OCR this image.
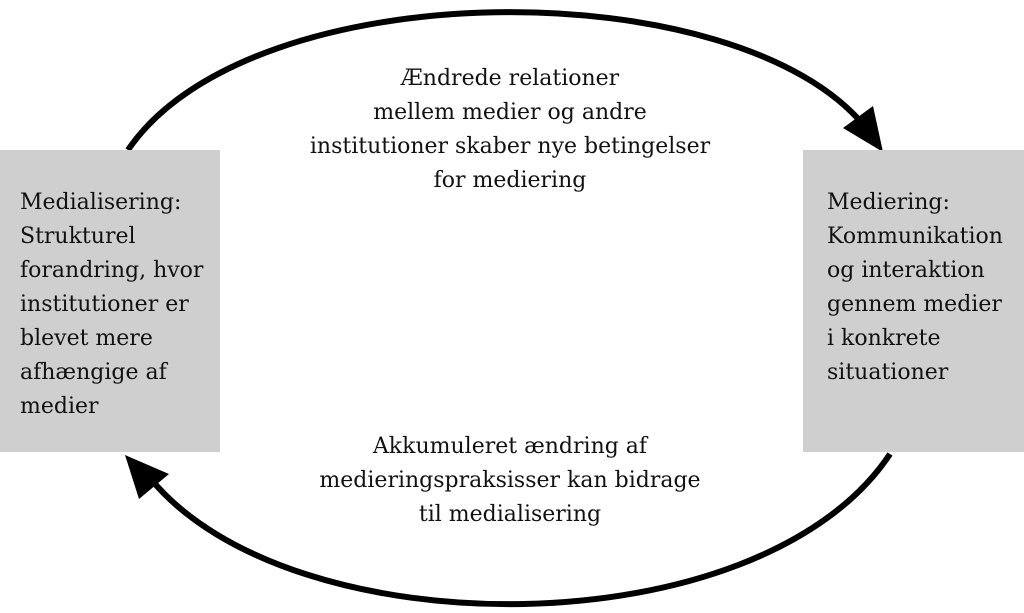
Medialisering:
Strukturel
forandring, hvor
institutioner er
blevet mere
afhængige af
medier
Mediering:
Kommunikation
og interaktion
gennem medier
i konkrete
situationer
Ændrede relationer
mellem medier og andre
institutioner skaber nye betingelser
for mediering
Akkumuleret ændring af
medieringspraksisser kan bidrage
til medialisering
